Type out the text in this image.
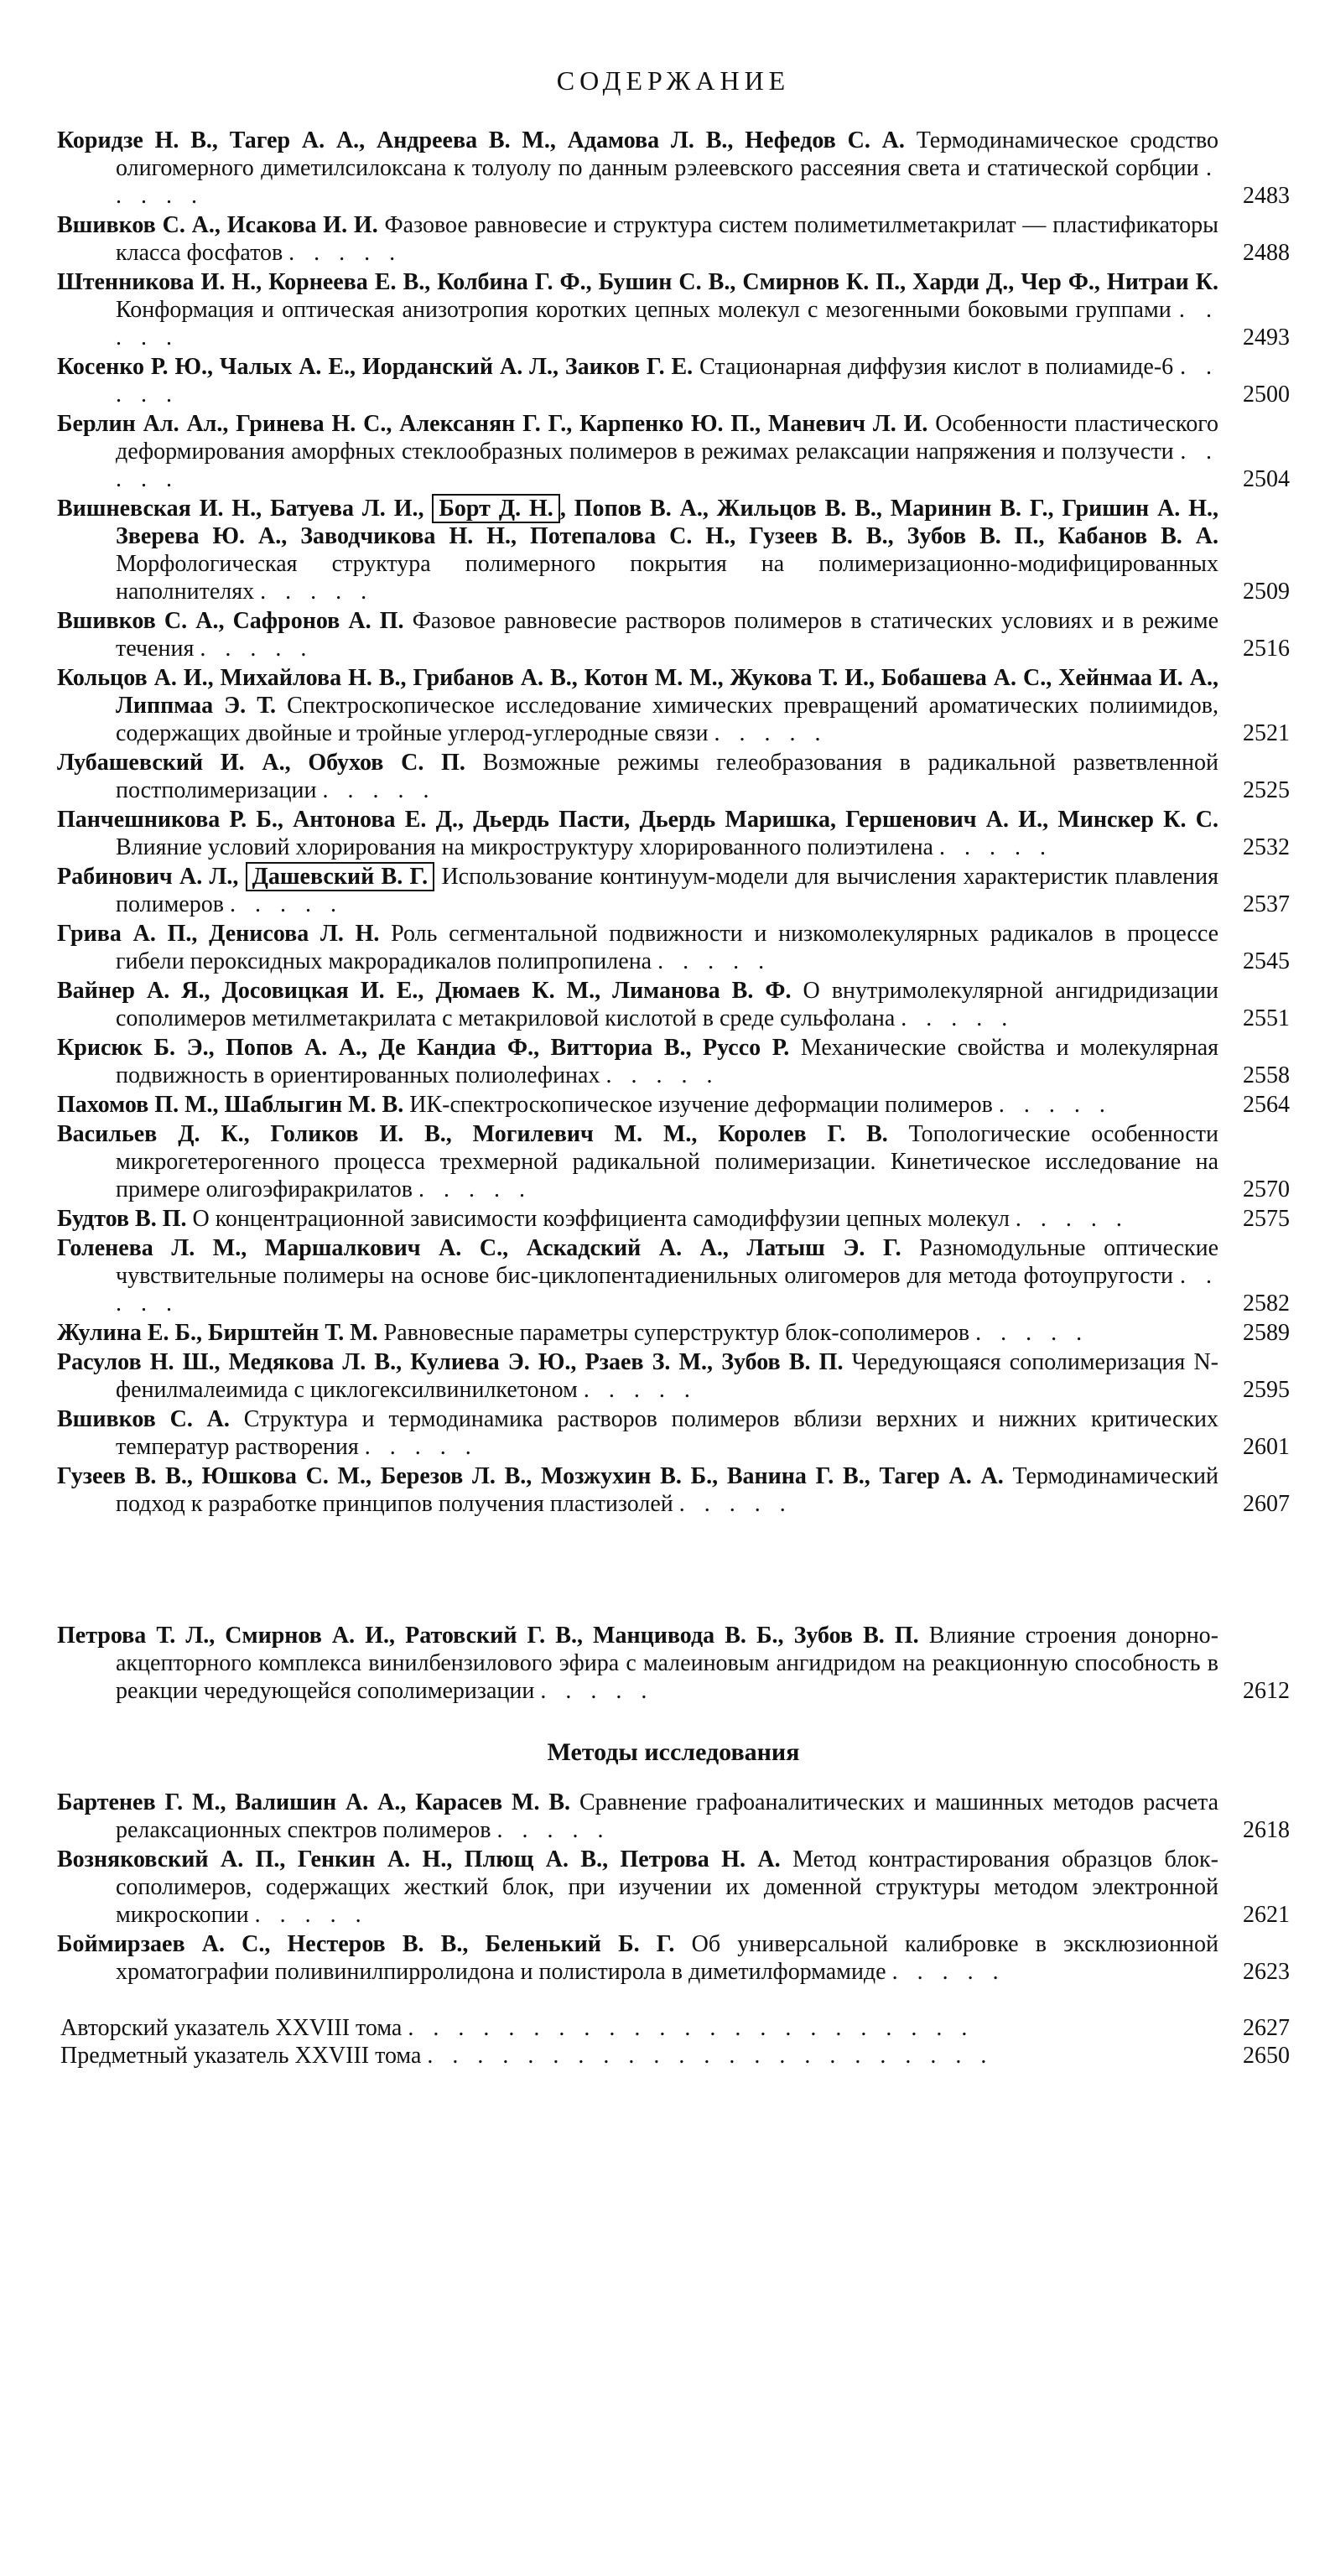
СОДЕРЖАНИЕ
Коридзе Н. В., Тагер А. А., Андреева В. М., Адамова Л. В., Нефедов С. А. Термодинамическое сродство олигомерного диметилсилоксана к толуолу по данным рэлеевского рассеяния света и статической сорбции . . . . .	2483
Вшивков С. А., Исакова И. И. Фазовое равновесие и структура систем полиметилметакрилат — пластификаторы класса фосфатов . . . . .	2488
Штенникова И. Н., Корнеева Е. В., Колбина Г. Ф., Бушин С. В., Смирнов К. П., Харди Д., Чер Ф., Нитраи К. Конформация и оптическая анизотропия коротких цепных молекул с мезогенными боковыми группами . . . . .	2493
Косенко Р. Ю., Чалых А. Е., Иорданский А. Л., Заиков Г. Е. Стационарная диффузия кислот в полиамиде-6 . . . . .	2500
Берлин Ал. Ал., Гринева Н. С., Алексанян Г. Г., Карпенко Ю. П., Маневич Л. И. Особенности пластического деформирования аморфных стеклообразных полимеров в режимах релаксации напряжения и ползучести . . . . .	2504
Вишневская И. Н., Батуева Л. И., Борт Д. Н. , Попов В. А., Жильцов В. В., Маринин В. Г., Гришин А. Н., Зверева Ю. А., Заводчикова Н. Н., Потепалова С. Н., Гузеев В. В., Зубов В. П., Кабанов В. А. Морфологическая структура полимерного покрытия на полимеризационно-модифицированных наполнителях . . . . .	2509
Вшивков С. А., Сафронов А. П. Фазовое равновесие растворов полимеров в статических условиях и в режиме течения . . . . .	2516
Кольцов А. И., Михайлова Н. В., Грибанов А. В., Котон М. М., Жукова Т. И., Бобашева А. С., Хейнмаа И. А., Липпмаа Э. Т. Спектроскопическое исследование химических превращений ароматических полиимидов, содержащих двойные и тройные углерод-углеродные связи . . . . .	2521
Лубашевский И. А., Обухов С. П. Возможные режимы гелеобразования в радикальной разветвленной постполимеризации . . . . .	2525
Панчешникова Р. Б., Антонова Е. Д., Дьердь Пасти, Дьердь Маришка, Гершенович А. И., Минскер К. С. Влияние условий хлорирования на микроструктуру хлорированного полиэтилена . . . . .	2532
Рабинович А. Л., Дашевский В. Г. Использование континуум-модели для вычисления характеристик плавления полимеров . . . . .	2537
Грива А. П., Денисова Л. Н. Роль сегментальной подвижности и низкомолекулярных радикалов в процессе гибели пероксидных макрорадикалов полипропилена . . . . .	2545
Вайнер А. Я., Досовицкая И. Е., Дюмаев К. М., Лиманова В. Ф. О внутримолекулярной ангидридизации сополимеров метилметакрилата с метакриловой кислотой в среде сульфолана . . . . .	2551
Крисюк Б. Э., Попов А. А., Де Кандиа Ф., Витториа В., Руссо Р. Механические свойства и молекулярная подвижность в ориентированных полиолефинах . . . . .	2558
Пахомов П. М., Шаблыгин М. В. ИК-спектроскопическое изучение деформации полимеров . . . . .	2564
Васильев Д. К., Голиков И. В., Могилевич М. М., Королев Г. В. Топологические особенности микрогетерогенного процесса трехмерной радикальной полимеризации. Кинетическое исследование на примере олигоэфиракрилатов . . . . .	2570
Будтов В. П. О концентрационной зависимости коэффициента самодиффузии цепных молекул . . . . .	2575
Голенева Л. М., Маршалкович А. С., Аскадский А. А., Латыш Э. Г. Разномодульные оптические чувствительные полимеры на основе бис-циклопентадиенильных олигомеров для метода фотоупругости . . . . .	2582
Жулина Е. Б., Бирштейн Т. М. Равновесные параметры суперструктур блок-сополимеров . . . . .	2589
Расулов Н. Ш., Медякова Л. В., Кулиева Э. Ю., Рзаев З. М., Зубов В. П. Чередующаяся сополимеризация N-фенилмалеимида с циклогексилвинилкетоном . . . . .	2595
Вшивков С. А. Структура и термодинамика растворов полимеров вблизи верхних и нижних критических температур растворения . . . . .	2601
Гузеев В. В., Юшкова С. М., Березов Л. В., Мозжухин В. Б., Ванина Г. В., Тагер А. А. Термодинамический подход к разработке принципов получения пластизолей . . . . .	2607
Петрова Т. Л., Смирнов А. И., Ратовский Г. В., Манцивода В. Б., Зубов В. П. Влияние строения донорно-акцепторного комплекса винилбензилового эфира с малеиновым ангидридом на реакционную способность в реакции чередующейся сополимеризации . . . . .	2612
Методы исследования
Бартенев Г. М., Валишин А. А., Карасев М. В. Сравнение графоаналитических и машинных методов расчета релаксационных спектров полимеров . . . . .	2618
Возняковский А. П., Генкин А. Н., Плющ А. В., Петрова Н. А. Метод контрастирования образцов блок-сополимеров, содержащих жесткий блок, при изучении их доменной структуры методом электронной микроскопии . . . . .	2621
Боймирзаев А. С., Нестеров В. В., Беленький Б. Г. Об универсальной калибровке в эксклюзионной хроматографии поливинилпирролидона и полистирола в диметилформамиде . . . . .	2623
Авторский указатель XXVIII тома . . . . . . . . . . . . . . . . . . . . . . .	2627
Предметный указатель XXVIII тома . . . . . . . . . . . . . . . . . . . . . . .	2650
